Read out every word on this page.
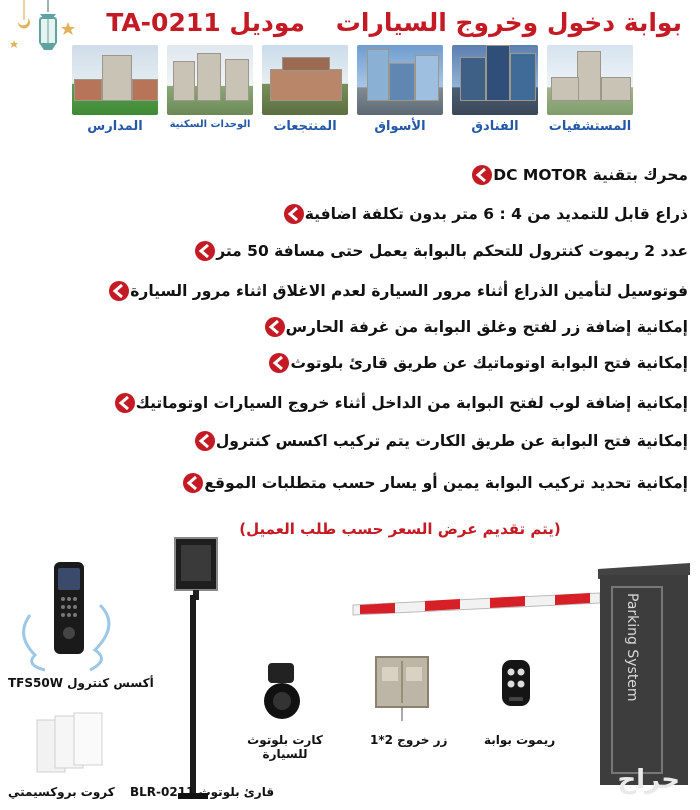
بوابة دخول وخروج السيارات موديل TA-0211
المستشفيات
الفنادق
الأسواق
المنتجعات
الوحدات السكنية
المدارس
محرك بتقنية DC MOTOR
ذراع قابل للتمديد من 4 : 6 متر بدون تكلفة اضافية
عدد 2 ريموت كنترول للتحكم بالبوابة يعمل حتى مسافة 50 متر
فوتوسيل لتأمين الذراع أثناء مرور السيارة لعدم الاغلاق اثناء مرور السيارة
إمكانية إضافة زر لفتح وغلق البوابة من غرفة الحارس
إمكانية فتح البوابة اوتوماتيك عن طريق قارئ بلوتوث
إمكانية إضافة لوب لفتح البوابة من الداخل أثناء خروج السيارات اوتوماتيك
إمكانية فتح البوابة عن طريق الكارت يتم تركيب اكسس كنترول
إمكانية تحديد تركيب البوابة يمين أو يسار حسب متطلبات الموقع
(يتم تقديم عرض السعر حسب طلب العميل)
Parking System
أكسس كنترول TFS50W
كروت بروكسيمتي قارئ بلوتوث BLR-0211
كارت بلوتوث
للسيارة
زر خروج 2*1	ريموت بوابة
حراج
